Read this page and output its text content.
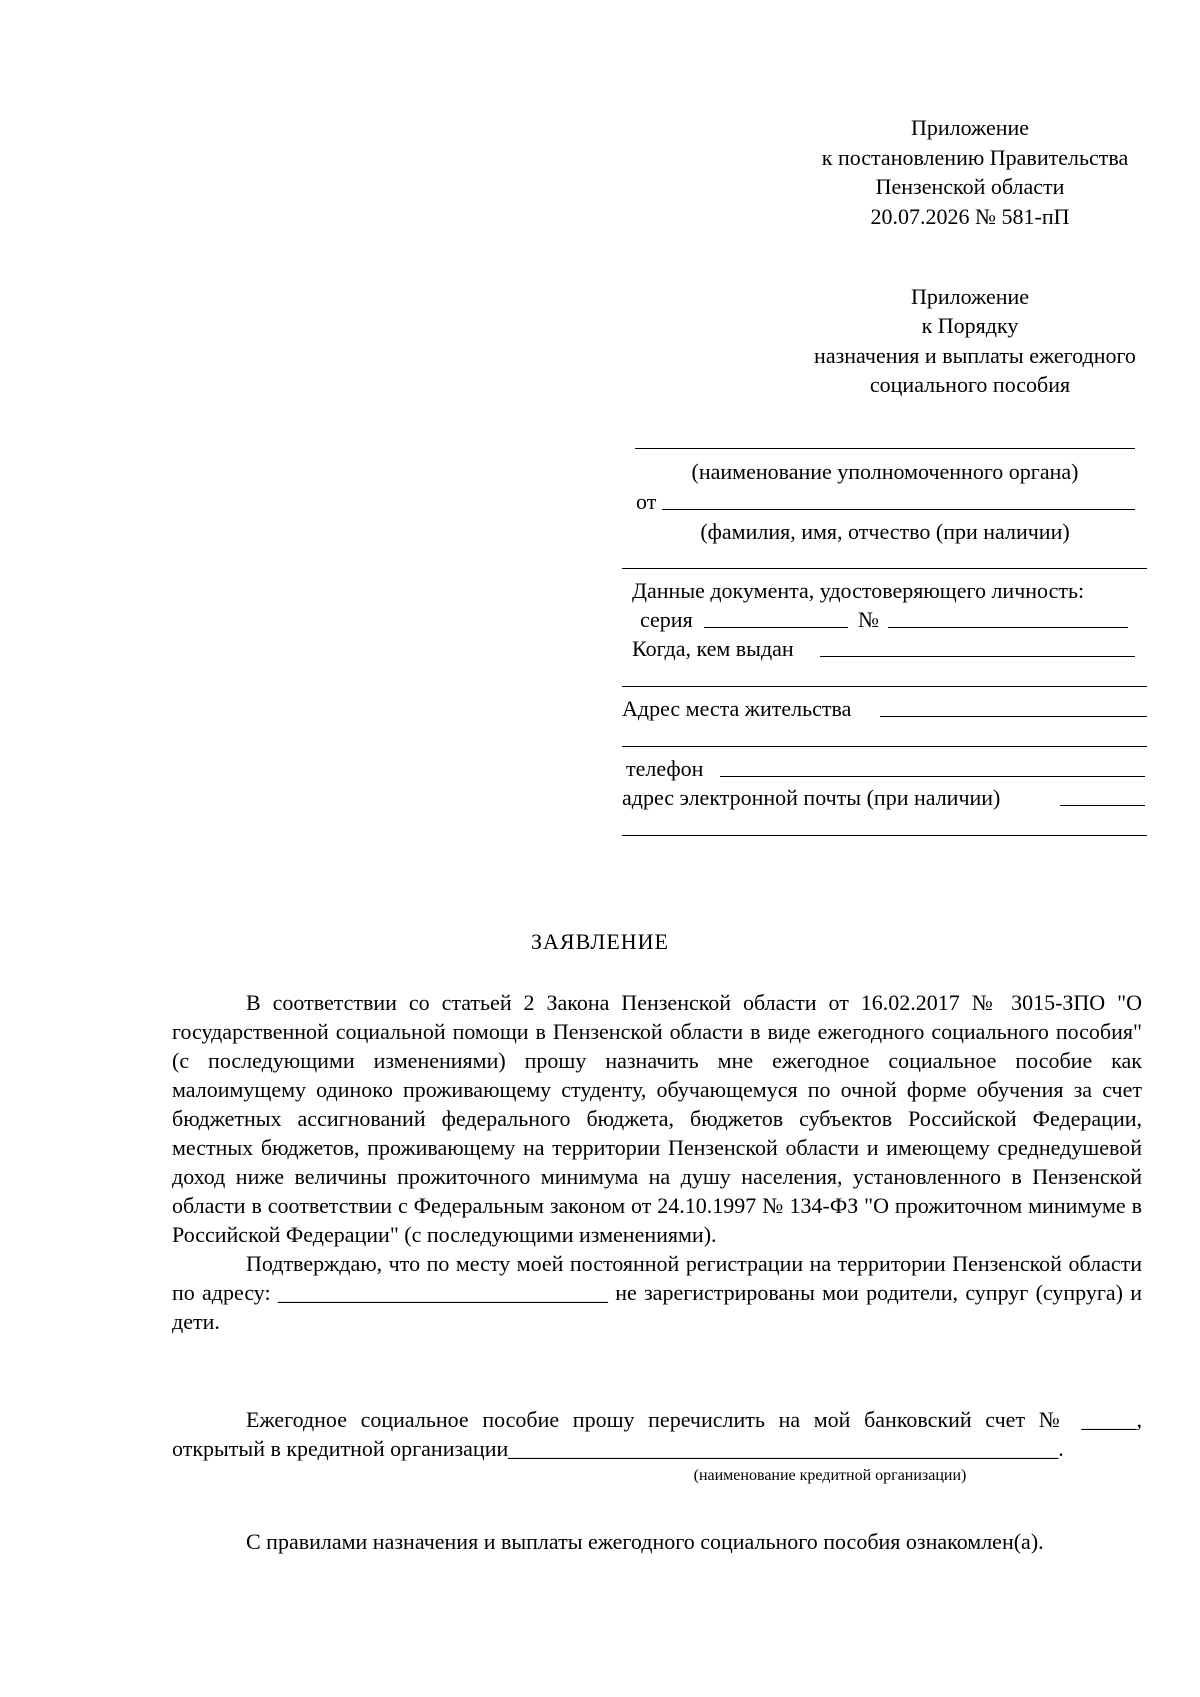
Приложение
к постановлению Правительства
Пензенской области
20.07.2026 № 581-пП
Приложение
к Порядку
назначения и выплаты ежегодного
социального пособия
(наименование уполномоченного органа)
от
(фамилия, имя, отчество (при наличии)
Данные документа, удостоверяющего личность:
серия	№
Когда, кем выдан
Адрес места жительства
телефон
адрес электронной почты (при наличии)
ЗАЯВЛЕНИЕ

В соответствии со статьей 2 Закона Пензенской области от 16.02.2017 № 3015-ЗПО "О государственной социальной помощи в Пензенской области в виде ежегодного социального пособия" (с последующими изменениями) прошу назначить мне ежегодное социальное пособие как малоимущему одиноко проживающему студенту, обучающемуся по очной форме обучения за счет бюджетных ассигнований федерального бюджета, бюджетов субъектов Российской Федерации, местных бюджетов, проживающему на территории Пензенской области и имеющему среднедушевой доход ниже величины прожиточного минимума на душу населения, установленного в Пензенской области в соответствии с Федеральным законом от 24.10.1997 № 134-ФЗ "О прожиточном минимуме в Российской Федерации" (с последующими изменениями).

Подтверждаю, что по месту моей постоянной регистрации на территории Пензенской области по адресу: ______________________________ не зарегистрированы мои родители, супруг (супруга) и дети.

Ежегодное социальное пособие прошу перечислить на мой банковский счет № _____, открытый в кредитной организации__________________________________________________.

(наименование кредитной организации)
С правилами назначения и выплаты ежегодного социального пособия ознакомлен(а).
